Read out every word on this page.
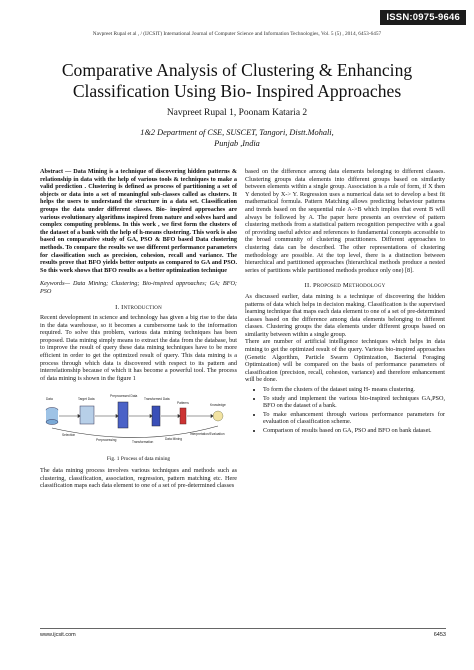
ISSN:0975-9646
Navpreet Rupal et al , / (IJCSIT) International Journal of Computer Science and Information Technologies, Vol. 5 (5) , 2014, 6453-6457
Comparative Analysis of Clustering & Enhancing Classification Using Bio- Inspired Approaches
Navpreet Rupal 1, Poonam Kataria 2
1&2 Department of CSE, SUSCET, Tangori, Distt.Mohali,
Punjab ,India

Abstract — Data Mining is a technique of discovering hidden patterns & relationship in data with the help of various tools & techniques to make a valid prediction . Clustering is defined as process of partitioning a set of objects or data into a set of meaningful sub-classes called as clusters. It helps the users to understand the structure in a data set. Classification groups the data under different classes. Bio- inspired approaches are various evolutionary algorithms inspired from nature and solves hard and complex computing problems. In this work , we first form the clusters of the dataset of a bank with the help of h-means clustering. This work is also based on comparative study of GA, PSO & BFO based Data clustering methods. To compare the results we use different performance parameters for classification such as precision, cohesion, recall and variance. The results prove that BFO yields better outputs as compared to GA and PSO. So this work shows that BFO results as a better optimization technique

Keywords— Data Mining; Clustering; Bio-inspired approaches; GA; BFO; PSO

I. Introduction

Recent development in science and technology has given a big rise to the data in the data warehouse, so it becomes a cumbersome task to the information required. To solve this problem, various data mining techniques has been proposed. Data mining simply means to extract the data from the database, but to improve the result of query these data mining techniques have to be more efficient in order to get the optimized result of query. This data mining is a process through which data is discovered with respect to its pattern and interrelationship because of which it has become a powerful tool. The process of data mining is shown in the figure 1

Data	Target Data
Preprocessed Data
Transformed Data
Patterns	Knowledge
Selection
Preprocessing	Transformation
Data Mining
Interpretation/Evaluation
Fig. 1 Process of data mining

The data mining process involves various techniques and methods such as clustering, classification, association, regression, pattern matching etc. Here classification maps each data element to one of a set of pre-determined classes

based on the difference among data elements belonging to different classes. Clustering groups data elements into different groups based on similarity between elements within a single group. Association is a rule of form, if X then Y denoted by X-> Y. Regression uses a numerical data set to develop a best fit mathematical formula. Pattern Matching allows predicting behaviour patterns and trends based on the sequential rule A->B which implies that event B will always be followed by A. The paper here presents an overview of pattern clustering methods from a statistical pattern recognition perspective with a goal of providing useful advice and references to fundamental concepts accessible to the broad community of clustering practitioners. Different approaches to clustering data can be described. The other representations of clustering methodology are possible. At the top level, there is a distinction between hierarchical and partitioned approaches (hierarchical methods produce a nested series of partitions while partitioned methods produce only one) [8].

II. Proposed Methodology

As discussed earlier, data mining is a technique of discovering the hidden patterns of data which helps in decision making. Classification is the supervised learning technique that maps each data element to one of a set of pre-determined classes based on the difference among data elements belonging to different classes. Clustering groups the data elements under different groups based on similarity between within a single group.

There are number of artificial intelligence techniques which helps in data mining to get the optimized result of the query. Various bio-inspired approaches (Genetic Algorithm, Particle Swarm Optimization, Bacterial Foraging Optimization) will be compared on the basis of performance parameters of classification (precision, recall, cohesion, variance) and therefore enhancement will be done.

• To form the clusters of the dataset using H- means clustering.
• To study and implement the various bio-inspired techniques GA,PSO, BFO on the dataset of a bank.
• To make enhancement through various performance parameters for evaluation of classification scheme.
• Comparison of results based on GA, PSO and BFO on bank dataset.
www.ijcsit.com	6453
